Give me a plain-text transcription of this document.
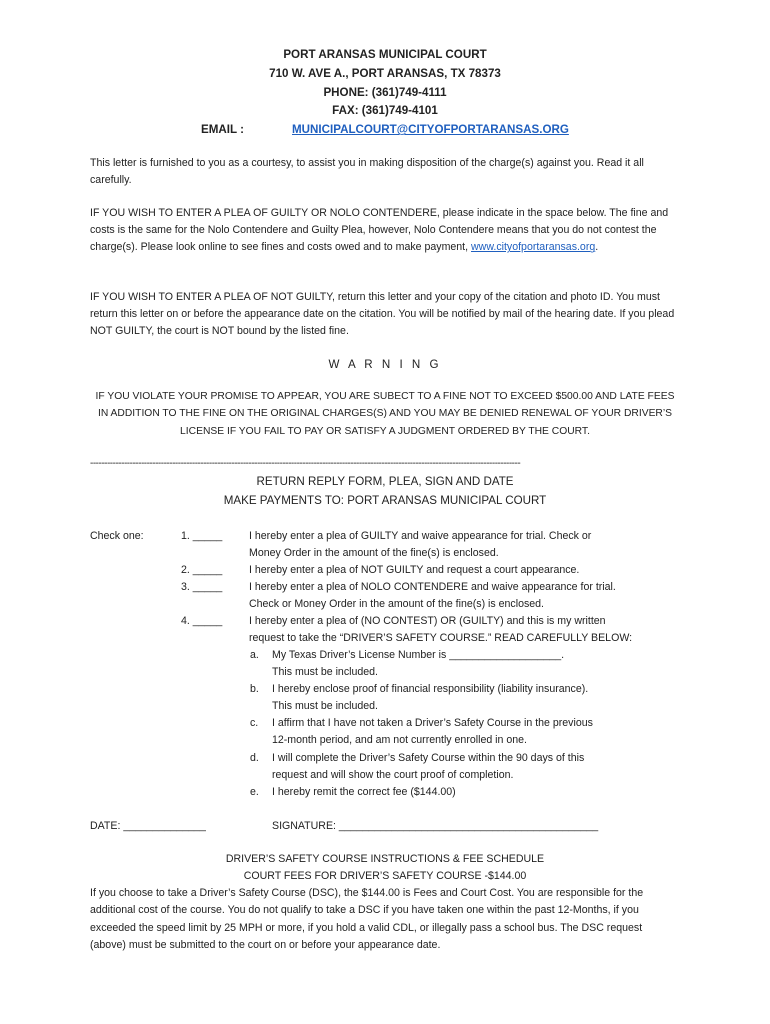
PORT ARANSAS MUNICIPAL COURT
710 W. AVE A., PORT ARANSAS, TX 78373
PHONE: (361)749-4111
FAX: (361)749-4101
EMAIL :	MUNICIPALCOURT@CITYOFPORTARANSAS.ORG
This letter is furnished to you as a courtesy, to assist you in making disposition of the charge(s) against you. Read it all carefully.
IF YOU WISH TO ENTER A PLEA OF GUILTY OR NOLO CONTENDERE, please indicate in the space below. The fine and costs is the same for the Nolo Contendere and Guilty Plea, however, Nolo Contendere means that you do not contest the charge(s). Please look online to see fines and costs owed and to make payment, www.cityofportaransas.org.
IF YOU WISH TO ENTER A PLEA OF NOT GUILTY, return this letter and your copy of the citation and photo ID. You must return this letter on or before the appearance date on the citation. You will be notified by mail of the hearing date. If you plead NOT GUILTY, the court is NOT bound by the listed fine.
W A R N I N G
IF YOU VIOLATE YOUR PROMISE TO APPEAR, YOU ARE SUBECT TO A FINE NOT TO EXCEED $500.00 AND LATE FEES IN ADDITION TO THE FINE ON THE ORIGINAL CHARGES(S) AND YOU MAY BE DENIED RENEWAL OF YOUR DRIVER’S LICENSE IF YOU FAIL TO PAY OR SATISFY A JUDGMENT ORDERED BY THE COURT.
--------------------------------------------------------------------------------------------------------------------------------------------------------
RETURN REPLY FORM, PLEA, SIGN AND DATE
MAKE PAYMENTS TO: PORT ARANSAS MUNICIPAL COURT
Check one:	1. _____	I hereby enter a plea of GUILTY and waive appearance for trial. Check or
Money Order in the amount of the fine(s) is enclosed.
2. _____	I hereby enter a plea of NOT GUILTY and request a court appearance.
3. _____	I hereby enter a plea of NOLO CONTENDERE and waive appearance for trial.
Check or Money Order in the amount of the fine(s) is enclosed.
4. _____	I hereby enter a plea of (NO CONTEST) OR (GUILTY) and this is my written
request to take the “DRIVER’S SAFETY COURSE.” READ CAREFULLY BELOW:
a. My Texas Driver’s License Number is ___________________.
This must be included.
b. I hereby enclose proof of financial responsibility (liability insurance).
This must be included.
c. I affirm that I have not taken a Driver’s Safety Course in the previous
12-month period, and am not currently enrolled in one.
d. I will complete the Driver’s Safety Course within the 90 days of this
request and will show the court proof of completion.
e. I hereby remit the correct fee ($144.00)
DATE: ______________	SIGNATURE: ____________________________________________
DRIVER’S SAFETY COURSE INSTRUCTIONS & FEE SCHEDULE
COURT FEES FOR DRIVER’S SAFETY COURSE -$144.00
If you choose to take a Driver’s Safety Course (DSC), the $144.00 is Fees and Court Cost. You are responsible for the additional cost of the course. You do not qualify to take a DSC if you have taken one within the past 12-Months, if you exceeded the speed limit by 25 MPH or more, if you hold a valid CDL, or illegally pass a school bus. The DSC request (above) must be submitted to the court on or before your appearance date.
